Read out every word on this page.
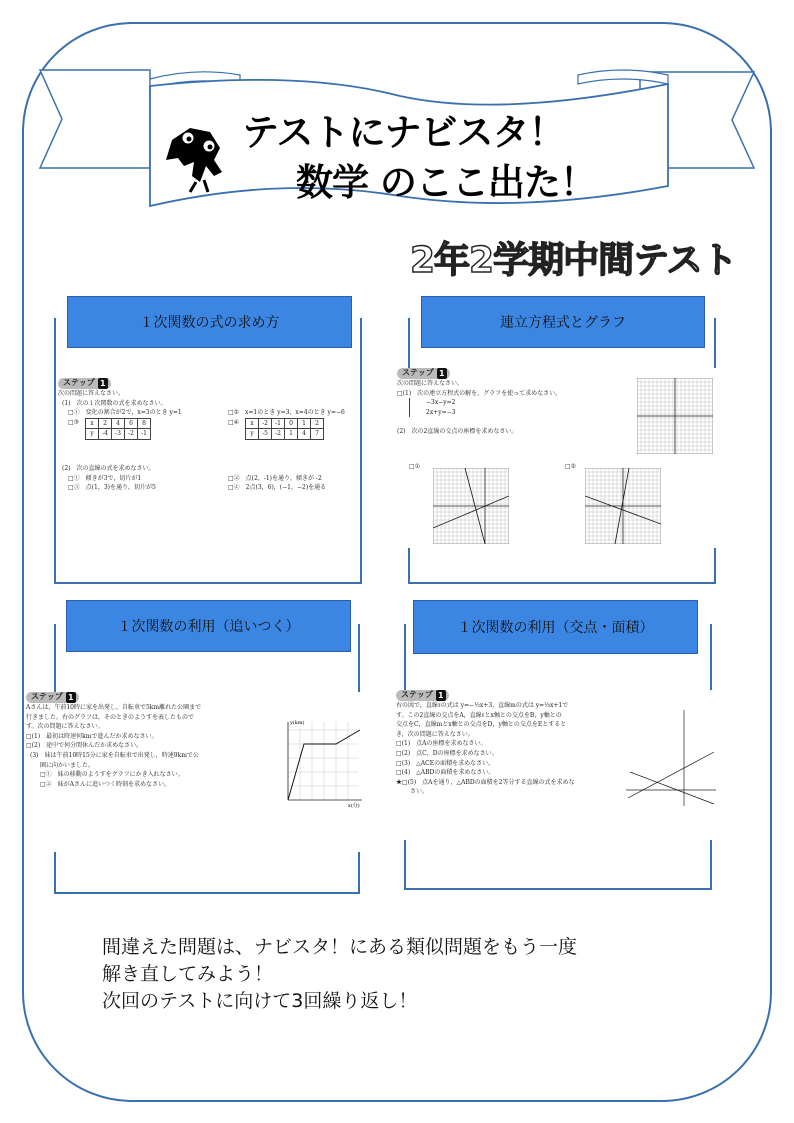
テストにナビスタ！
数学 のここ出た！
2年2学期中間テスト
１次関数の式の求め方
ステップ 1

次の問題に答えなさい。

(1)　次の１次関数の式を求めなさい。

□①　変化の割合が2で，x=3のとき y=1

□③ x	2	4	6	8
y	-4	-3	-2	-1

□②　x=1のとき y=3，x=4のとき y=−6

□④ x	-2	-1	0	1	2
y	-5	-2	1	4	7

(2)　次の直線の式を求めなさい。

□①　傾きが3で，切片が1

□③　点(1，3)を通り，切片が5

□②　点(2，-1)を通り，傾きが -2

□④　2点(3，6)，(−1，−2)を通る

連立方程式とグラフ
ステップ 1

次の問題に答えなさい。

□(1)　次の連立方程式の解を，グラフを使って求めなさい。

−3x−y=2

2x+y=−3

(2)　次の2直線の交点の座標を求めなさい。

□①	□②

１次関数の利用（追いつく）
ステップ 1

Aさんは，午前10時に家を出発し，自転車で5km離れた公園まで

行きました。右のグラフは，そのときのようすを表したもので

す。次の問題に答えなさい。

□(1)　最初は時速何kmで進んだか求めなさい。

□(2)　途中で何分間休んだか求めなさい。

(3)　妹は午前10時15分に家を自転車で出発し，時速9kmで公

園に向かいました。

□①　妹の移動のようすをグラフにかき入れなさい。

□②　妹がAさんに追いつく時刻を求めなさい。

y(km)
x(分)
１次関数の利用（交点・面積）
ステップ 1

右の図で，直線ℓの式は y=−½x+3，直線mの式は y=⅓x+1で

す。この2直線の交点をA，直線ℓとx軸との交点をB，y軸との

交点をC，直線mとx軸との交点をD，y軸との交点をEとすると

き，次の問題に答えなさい。

□(1)　点Aの座標を求めなさい。

□(2)　点C，Dの座標を求めなさい。

□(3)　△ACEの面積を求めなさい。

□(4)　△ABDの面積を求めなさい。

★□(5)　点Aを通り，△ABDの面積を2等分する直線の式を求めな

さい。

間違えた問題は、ナビスタ！にある類似問題をもう一度
解き直してみよう！
次回のテストに向けて3回繰り返し！
